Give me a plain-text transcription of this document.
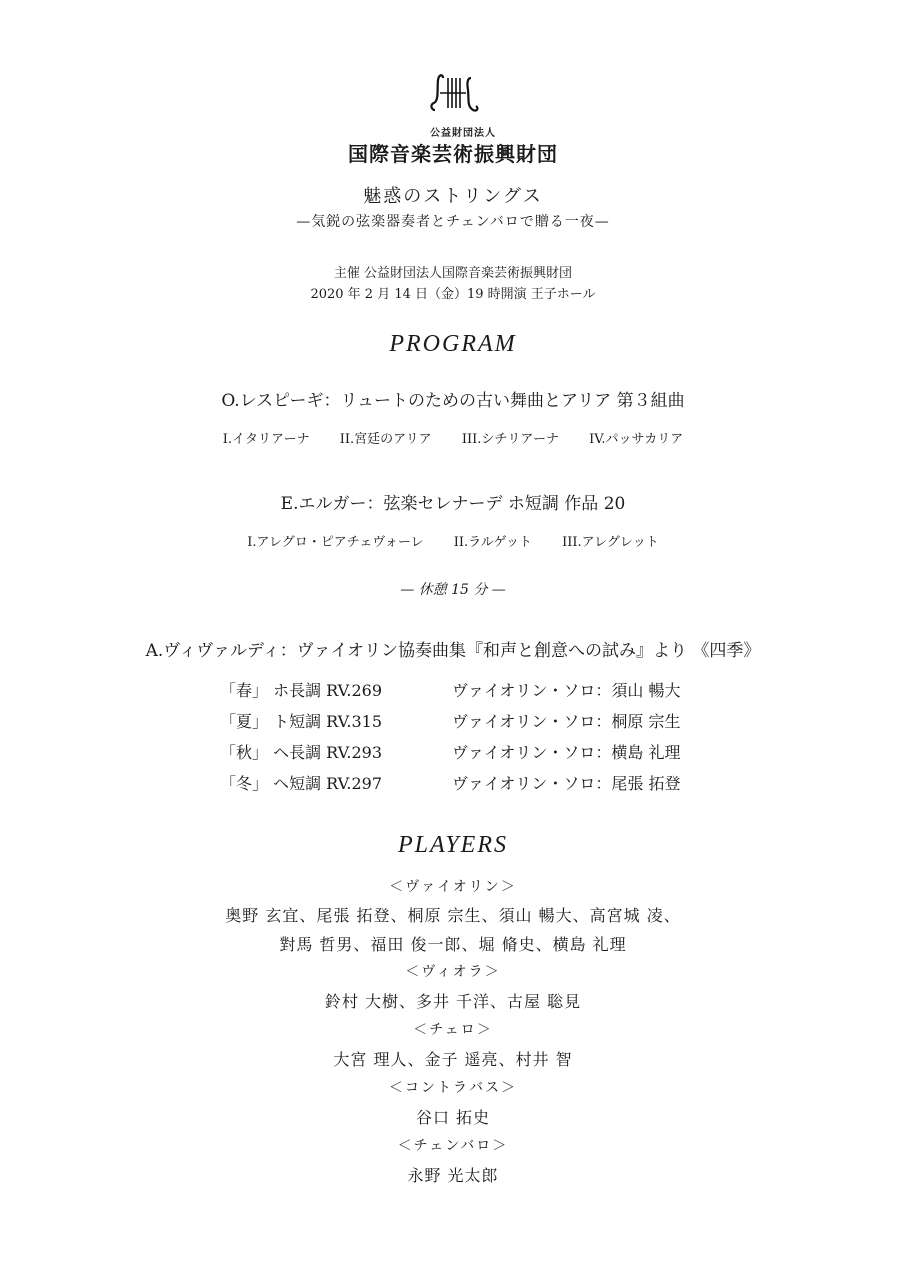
公益財団法人
国際音楽芸術振興財団
魅惑のストリングス
—気鋭の弦楽器奏者とチェンバロで贈る一夜—
主催 公益財団法人国際音楽芸術振興財団
2020 年 2 月 14 日（金）19 時開演 王子ホール
PROGRAM
O.レスピーギ：リュートのための古い舞曲とアリア 第３組曲
I.イタリアーナ II.宮廷のアリア III.シチリアーナ IV.パッサカリア
E.エルガー：弦楽セレナーデ ホ短調 作品 20
I.アレグロ・ピアチェヴォーレ II.ラルゲット III.アレグレット
— 休憩 15 分 —
A.ヴィヴァルディ：ヴァイオリン協奏曲集『和声と創意への試み』より 《四季》
「春」 ホ長調 RV.269	ヴァイオリン・ソロ：須山 暢大
「夏」 ト短調 RV.315	ヴァイオリン・ソロ：桐原 宗生
「秋」 ヘ長調 RV.293	ヴァイオリン・ソロ：横島 礼理
「冬」 ヘ短調 RV.297	ヴァイオリン・ソロ：尾張 拓登
PLAYERS
＜ヴァイオリン＞
奥野 玄宜、尾張 拓登、桐原 宗生、須山 暢大、高宮城 凌、
對馬 哲男、福田 俊一郎、堀 脩史、横島 礼理
＜ヴィオラ＞
鈴村 大樹、多井 千洋、古屋 聡見
＜チェロ＞
大宮 理人、金子 遥亮、村井 智
＜コントラバス＞
谷口 拓史
＜チェンバロ＞
永野 光太郎
